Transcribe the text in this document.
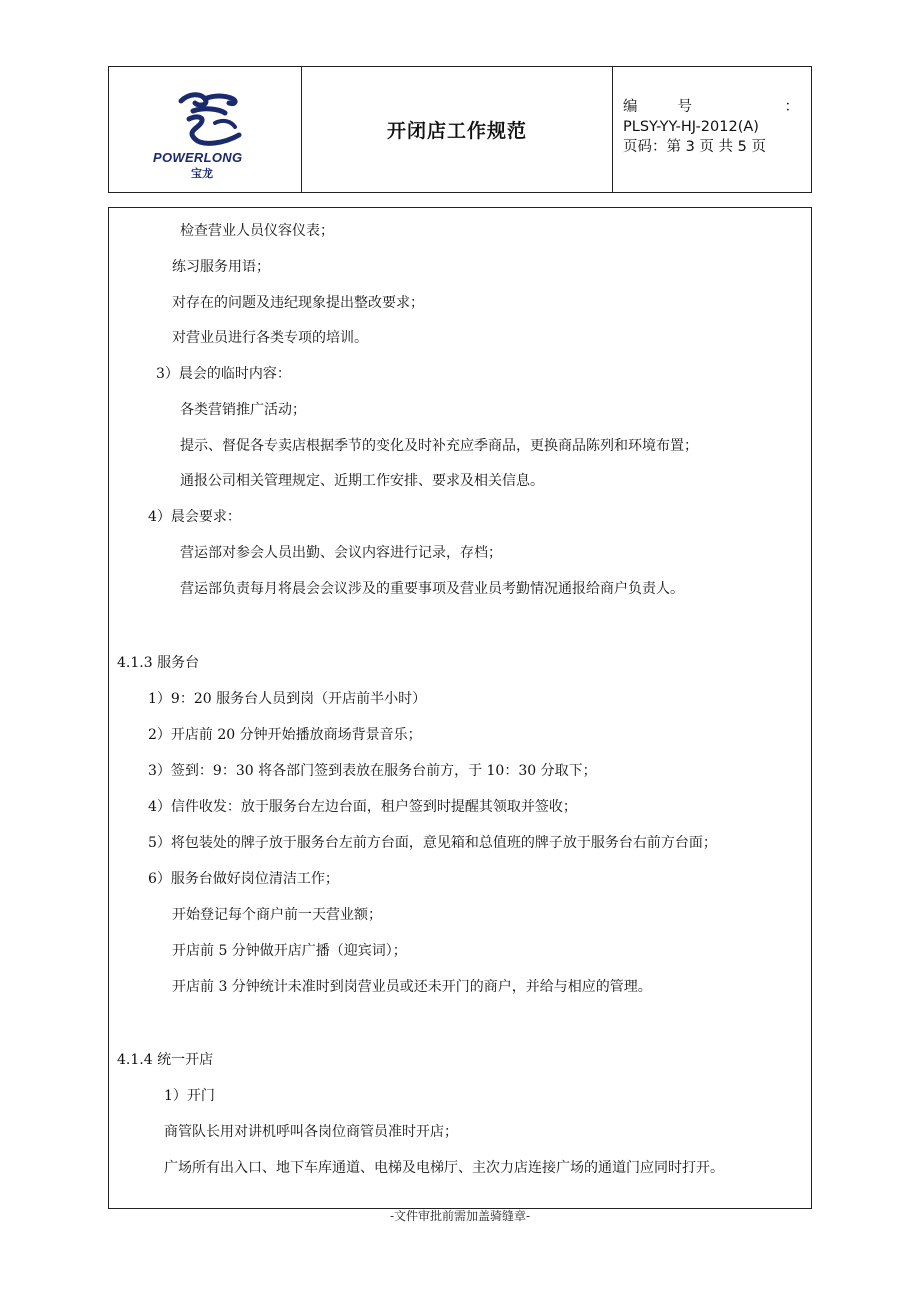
POWERLONG
宝龙
开闭店工作规范
编号	：
PLSY-YY-HJ-2012(A)
页码：第 3 页 共 5 页
检查营业人员仪容仪表；
练习服务用语；
对存在的问题及违纪现象提出整改要求；
对营业员进行各类专项的培训。
3）晨会的临时内容：
各类营销推广活动；
提示、督促各专卖店根据季节的变化及时补充应季商品，更换商品陈列和环境布置；
通报公司相关管理规定、近期工作安排、要求及相关信息。
4）晨会要求：
营运部对参会人员出勤、会议内容进行记录，存档；
营运部负责每月将晨会会议涉及的重要事项及营业员考勤情况通报给商户负责人。
4.1.3 服务台
1）9：20 服务台人员到岗（开店前半小时）
2）开店前 20 分钟开始播放商场背景音乐；
3）签到：9：30 将各部门签到表放在服务台前方，于 10：30 分取下；
4）信件收发：放于服务台左边台面，租户签到时提醒其领取并签收；
5）将包装处的牌子放于服务台左前方台面，意见箱和总值班的牌子放于服务台右前方台面；
6）服务台做好岗位清洁工作；
开始登记每个商户前一天营业额；
开店前 5 分钟做开店广播（迎宾词）；
开店前 3 分钟统计未准时到岗营业员或还未开门的商户，并给与相应的管理。
4.1.4 统一开店
1）开门
商管队长用对讲机呼叫各岗位商管员准时开店；
广场所有出入口、地下车库通道、电梯及电梯厅、主次力店连接广场的通道门应同时打开。
-文件审批前需加盖骑缝章-
